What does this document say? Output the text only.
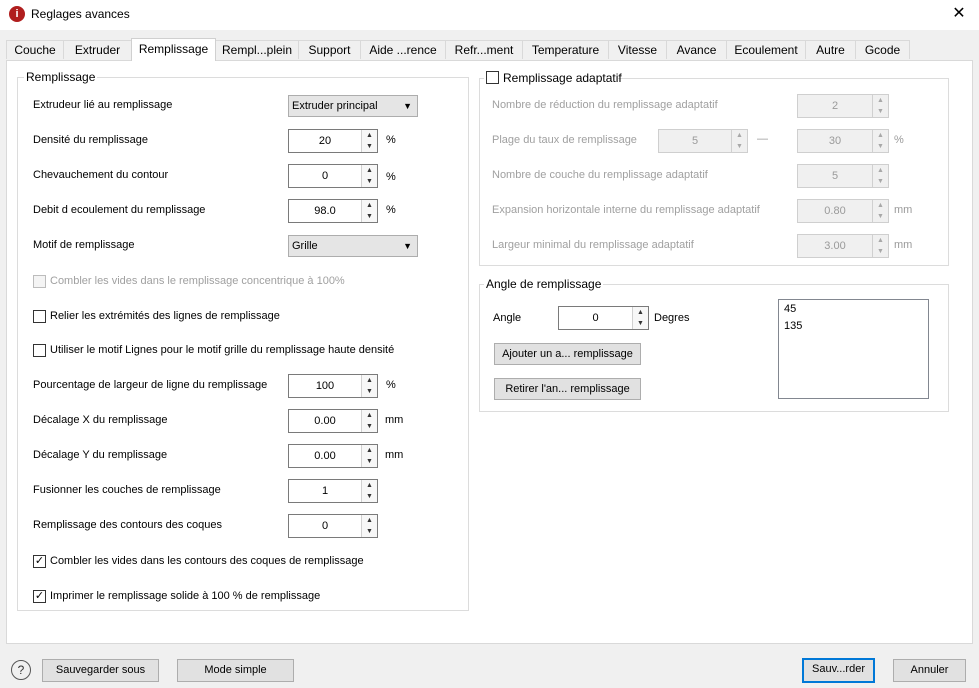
i	Reglages avances	✕
Couche	Extruder	Remplissage	Rempl...plein	Support	Aide ...rence	Refr...ment	Temperature	Vitesse	Avance	Ecoulement	Autre	Gcode
Remplissage
Extrudeur lié au remplissage	Extruder principal	▼
Densité du remplissage	20	▲
▼
%
Chevauchement du contour	0	▲
▼	%
Debit d ecoulement du remplissage	98.0	▲
▼
%
Motif de remplissage	Grille	▼
Combler les vides dans le remplissage concentrique à 100%
Relier les extrémités des lignes de remplissage
Utiliser le motif Lignes pour le motif grille du remplissage haute densité
Pourcentage de largeur de ligne du remplissage	100	▲
▼
%
Décalage X du remplissage	0.00	▲
▼
mm
Décalage Y du remplissage	0.00	▲
▼
mm
Fusionner les couches de remplissage	1	▲
▼
Remplissage des contours des coques	0	▲
▼
✓ Combler les vides dans les contours des coques de remplissage
✓ Imprimer le remplissage solide à 100 % de remplissage
Remplissage adaptatif
Nombre de réduction du remplissage adaptatif	2	▲
▼
Plage du taux de remplissage	5	▲
▼
—	30	▲
▼
%
Nombre de couche du remplissage adaptatif	5	▲
▼
Expansion horizontale interne du remplissage adaptatif	0.80	▲
▼
mm
Largeur minimal du remplissage adaptatif	3.00	▲
▼
mm
Angle de remplissage
Angle	0	▲
▼ Degres
Ajouter un a... remplissage
Retirer l'an... remplissage
45
135
?	Sauvegarder sous	Mode simple	Sauv...rder	Annuler
